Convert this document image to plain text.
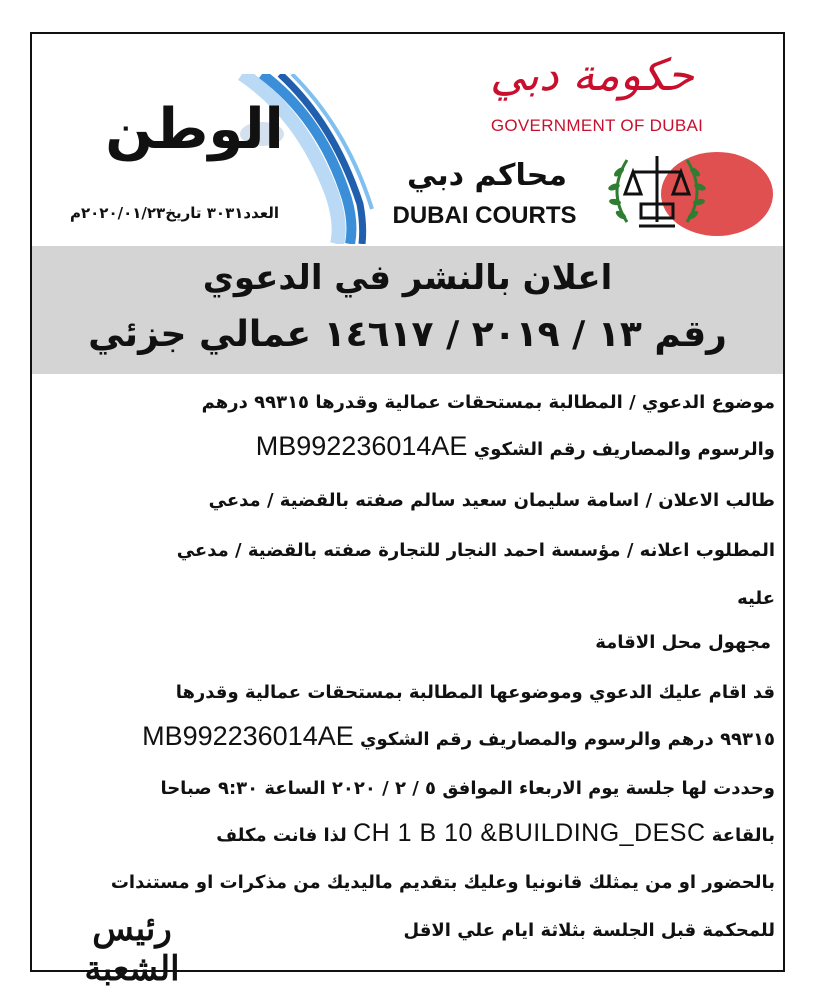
حكومة دبي
GOVERNMENT OF DUBAI
محاكم دبي
DUBAI COURTS
الوطن
العدد٣٠٣١ تاريخ٢٠٢٠/٠١/٢٣م
اعلان بالنشر في الدعوي
رقم ١٣ / ٢٠١٩ / ١٤٦١٧ عمالي جزئي
موضوع الدعوي / المطالبة بمستحقات عمالية وقدرها ٩٩٣١٥ درهم
والرسوم والمصاريف رقم الشكوي MB992236014AE
طالب الاعلان / اسامة سليمان سعيد سالم صفته بالقضية / مدعي
المطلوب اعلانه / مؤسسة احمد النجار للتجارة صفته بالقضية / مدعي
عليه
مجهول محل الاقامة
قد اقام عليك الدعوي وموضوعها المطالبة بمستحقات عمالية وقدرها
٩٩٣١٥ درهم والرسوم والمصاريف رقم الشكوي MB992236014AE
وحددت لها جلسة يوم الاربعاء الموافق ٥ / ٢ / ٢٠٢٠ الساعة ٩:٣٠ صباحا
بالقاعة CH 1 B 10 &BUILDING_DESC لذا فانت مكلف
بالحضور او من يمثلك قانونيا وعليك بتقديم ماليديك من مذكرات او مستندات
للمحكمة قبل الجلسة بثلاثة ايام علي الاقل
رئيس الشعبة
